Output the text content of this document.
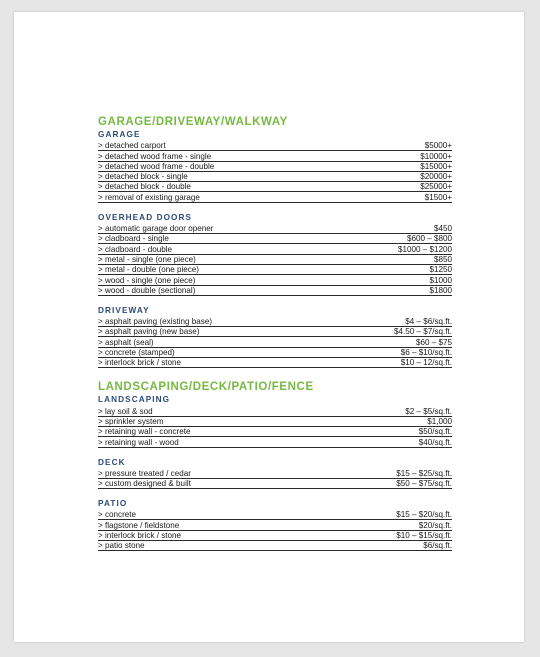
GARAGE/DRIVEWAY/WALKWAY
GARAGE
> detached carport	$5000+
> detached wood frame - single	$10000+
> detached wood frame - double	$15000+
> detached block - single	$20000+
> detached block - double	$25000+
> removal of existing garage	$1500+
OVERHEAD DOORS
> automatic garage door opener	$450
> cladboard - single	$600 – $800
> cladboard - double	$1000 – $1200
> metal - single (one piece)	$850
> metal - double (one piece)	$1250
> wood - single (one piece)	$1000
> wood - double (sectional)	$1800
DRIVEWAY
> asphalt paving (existing base)	$4 – $6/sq.ft.
> asphalt paving (new base)	$4.50 – $7/sq.ft.
> asphalt (seal)	$60 – $75
> concrete (stamped)	$6 – $10/sq.ft.
> interlock brick / stone	$10 – 12/sq.ft.
LANDSCAPING/DECK/PATIO/FENCE
LANDSCAPING
> lay soil & sod	$2 – $5/sq.ft.
> sprinkler system	$1,000
> retaining wall - concrete	$50/sq.ft.
> retaining wall - wood	$40/sq.ft.
DECK
> pressure treated / cedar	$15 – $25/sq.ft.
> custom designed & built	$50 – $75/sq.ft.
PATIO
> concrete	$15 – $20/sq.ft.
> flagstone / fieldstone	$20/sq.ft.
> interlock brick / stone	$10 – $15/sq.ft.
> patio stone	$6/sq.ft.
